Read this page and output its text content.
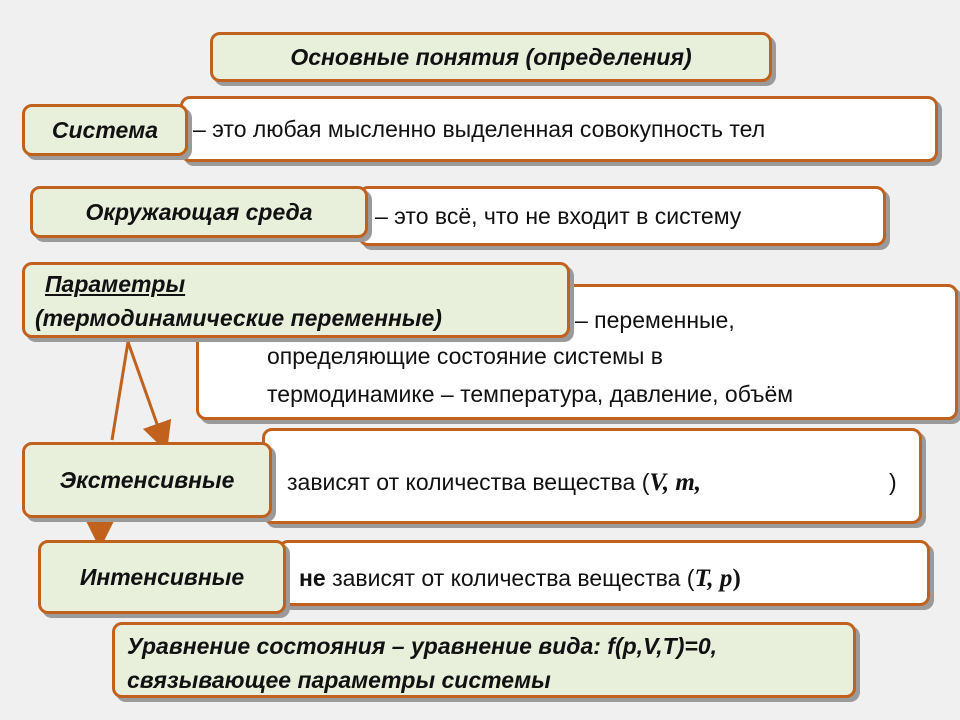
Основные понятия (определения)
– это любая мысленно выделенная совокупность тел
Система
– это всё, что не входит в систему
Окружающая среда
– переменные,
определяющие состояние системы в
термодинамике – температура, давление, объём
Параметры
(термодинамические переменные)
зависят от количества вещества (V, m,	)
Экстенсивные
не зависят от количества вещества (T, p)
Интенсивные
Уравнение состояния – уравнение вида: f(p,V,T)=0,
связывающее параметры системы
